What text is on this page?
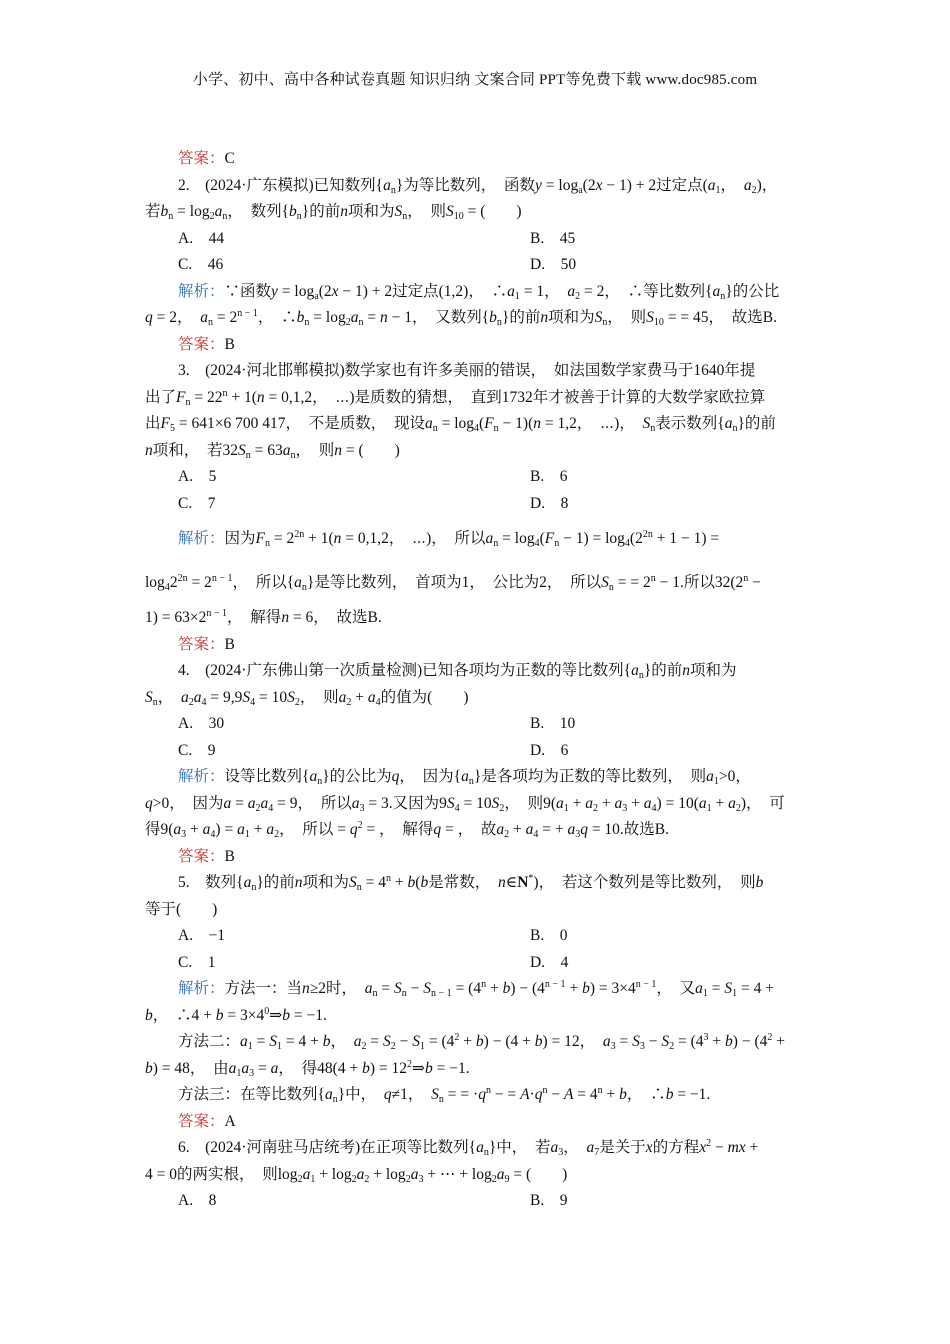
小学、初中、高中各种试卷真题 知识归纳 文案合同 PPT等免费下载 www.doc985.com
答案：C
2.　(2024·广东模拟)已知数列$\{a_n\}$为等比数列，　函数$y = \log_a(2x - 1) + 2$过定点($a_1$，　$a_2$)，
若$b_n = \log_2a_n$，　数列$\{b_n\}$的前n项和为$S_n$，　则$S_{10}$ = (　　)
A.　44	B.　45
C.　46	D.　50
解析：∵函数$y = \log_a(2x - 1) + 2$过定点(1,2)，　$\therefore a_1 = 1$，　$a_2 = 2$，　∴等比数列$\{a_n\}$的公比
q = 2，　$a_n = 2^{n - 1}$，　$\therefore b_n = \log_2a_n = n - 1$，　又数列$\{b_n\}$的前n项和为$S_n$，　则$S_{10}$ = = 45，　故选B.
答案：B
3.　(2024·河北邯郸模拟)数学家也有许多美丽的错误，　如法国数学家费马于1640年提
出了$F_n = 22^n + 1(n = 0,1,2$，　⋯)是质数的猜想，　直到1732年才被善于计算的大数学家欧拉算
出$F_5 = 641\times 6$ 700 417，　不是质数，　现设$a_n = \log_4(F_n - 1)(n = 1,2$，　⋯)，　$S_n$表示数列$\{a_n\}$的前
n项和，　若$32S_n = 63a_n$，　则n = (　　)
A.　5	B.　6
C.　7	D.　8
解析：因为$F_n = 2^{2n} + 1(n = 0,1,2$，　⋯)，　所以$a_n = \log_4(F_n - 1) = \log_4(2^{2n} + 1 - 1)$ =
$\log_42^{2n} = 2^{n - 1}$，　所以$\{a_n\}$是等比数列，　首项为1，　公比为2，　所以$S_n$ = = $2^n - 1$.所以$32(2^n$ −
$1) = 63\times 2^{n - 1}$，　解得n = 6，　故选B.
答案：B
4.　(2024·广东佛山第一次质量检测)已知各项均为正数的等比数列$\{a_n\}$的前n项和为
$S_n$，　$a_2a_4 = 9,9S_4 = 10S_2$，　则$a_2 + a_4$的值为(　　)
A.　30	B.　10
C.　9	D.　6
解析：设等比数列$\{a_n\}$的公比为q，　因为$\{a_n\}$是各项均为正数的等比数列，　则$a_1>0$，
q>0，　因为$a = a_2a_4 = 9$，　所以$a_3 = 3$.又因为$9S_4 = 10S_2$，　则$9(a_1 + a_2 + a_3 + a_4) = 10(a_1 + a_2)$，　可
得$9(a_3 + a_4) = a_1 + a_2$，　所以 = $q^2$ = ，　解得q = ，　故$a_2 + a_4$ = + $a_3q = 10$.故选B.
答案：B
5.　数列$\{a_n\}$的前n项和为$S_n = 4^n + b(b$是常数，　n∈N*)，　若这个数列是等比数列，　则b
等于(　　)
A.　−1	B.　0
C.　1	D.　4
解析：方法一：当n≥2时，　$a_n = S_n - S_{n - 1} = (4^n + b) - (4^{n - 1} + b) = 3\times 4^{n - 1}$，　又$a_1 = S_1 = 4$ +
b，　∴4 + $b = 3\times 4^0\Rightarrow b = -1$.
方法二：$a_1 = S_1 = 4 + b$，　$a_2 = S_2 - S_1 = (4^2 + b) - (4 + b) = 12$，　$a_3 = S_3 - S_2 = (4^3 + b) - (4^2$ +
b) = 48，　由$a_1a_3 = a$，　得$48(4 + b) = 12^2\Rightarrow b = -1$.
方法三：在等比数列$\{a_n\}$中，　q≠1，　$S_n$ = = $\cdot q^n$ − = $A\cdot q^n - A = 4^n + b$，　∴b = −1.
答案：A
6.　(2024·河南驻马店统考)在正项等比数列$\{a_n\}$中，　若$a_3$，　$a_7$是关于x的方程$x^2$ − mx +
4 = 0的两实根，　则$\log_2a_1 + \log_2a_2 + \log_2a_3$ + ⋯ + $\log_2a_9$ = (　　)
A.　8	B.　9
